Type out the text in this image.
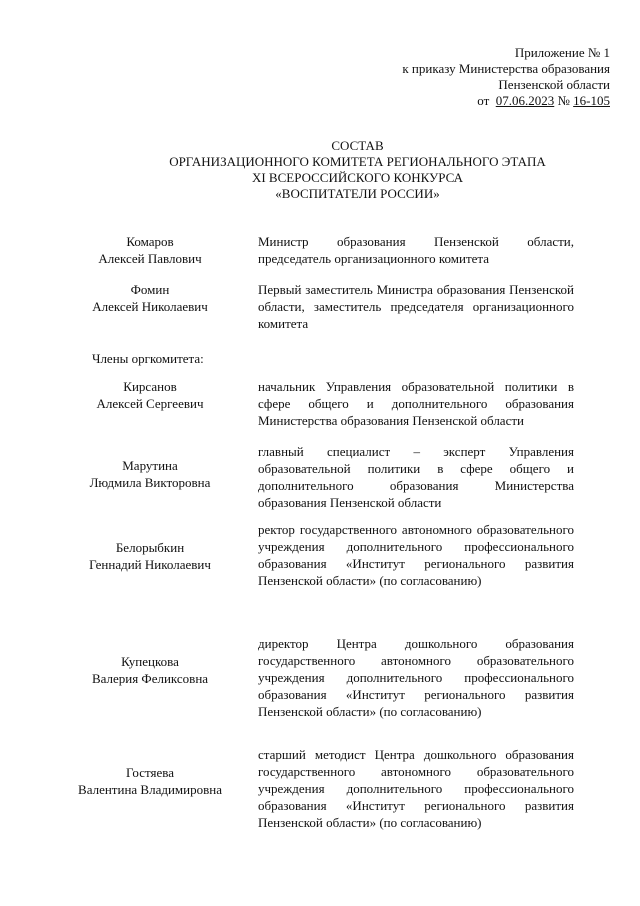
Приложение № 1
к приказу Министерства образования
Пензенской области
от 07.06.2023 № 16-105
СОСТАВ
ОРГАНИЗАЦИОННОГО КОМИТЕТА РЕГИОНАЛЬНОГО ЭТАПА
XI ВСЕРОССИЙСКОГО КОНКУРСА
«ВОСПИТАТЕЛИ РОССИИ»
Комаров
Алексей Павлович
Министр образования Пензенской области, председатель организационного комитета
Фомин
Алексей Николаевич
Первый заместитель Министра образования Пензенской области, заместитель председателя организационного комитета
Члены оргкомитета:
Кирсанов
Алексей Сергеевич
начальник Управления образовательной политики в сфере общего и дополнительного образования Министерства образования Пензенской области
Марутина
Людмила Викторовна
главный специалист – эксперт Управления образовательной политики в сфере общего и дополнительного образования Министерства образования Пензенской области
Белорыбкин
Геннадий Николаевич
ректор государственного автономного образовательного учреждения дополнительного профессионального образования «Институт регионального развития Пензенской области» (по согласованию)
Купецкова
Валерия Феликсовна
директор Центра дошкольного образования государственного автономного образовательного учреждения дополнительного профессионального образования «Институт регионального развития Пензенской области» (по согласованию)
Гостяева
Валентина Владимировна
старший методист Центра дошкольного образования государственного автономного образовательного учреждения дополнительного профессионального образования «Институт регионального развития Пензенской области» (по согласованию)
